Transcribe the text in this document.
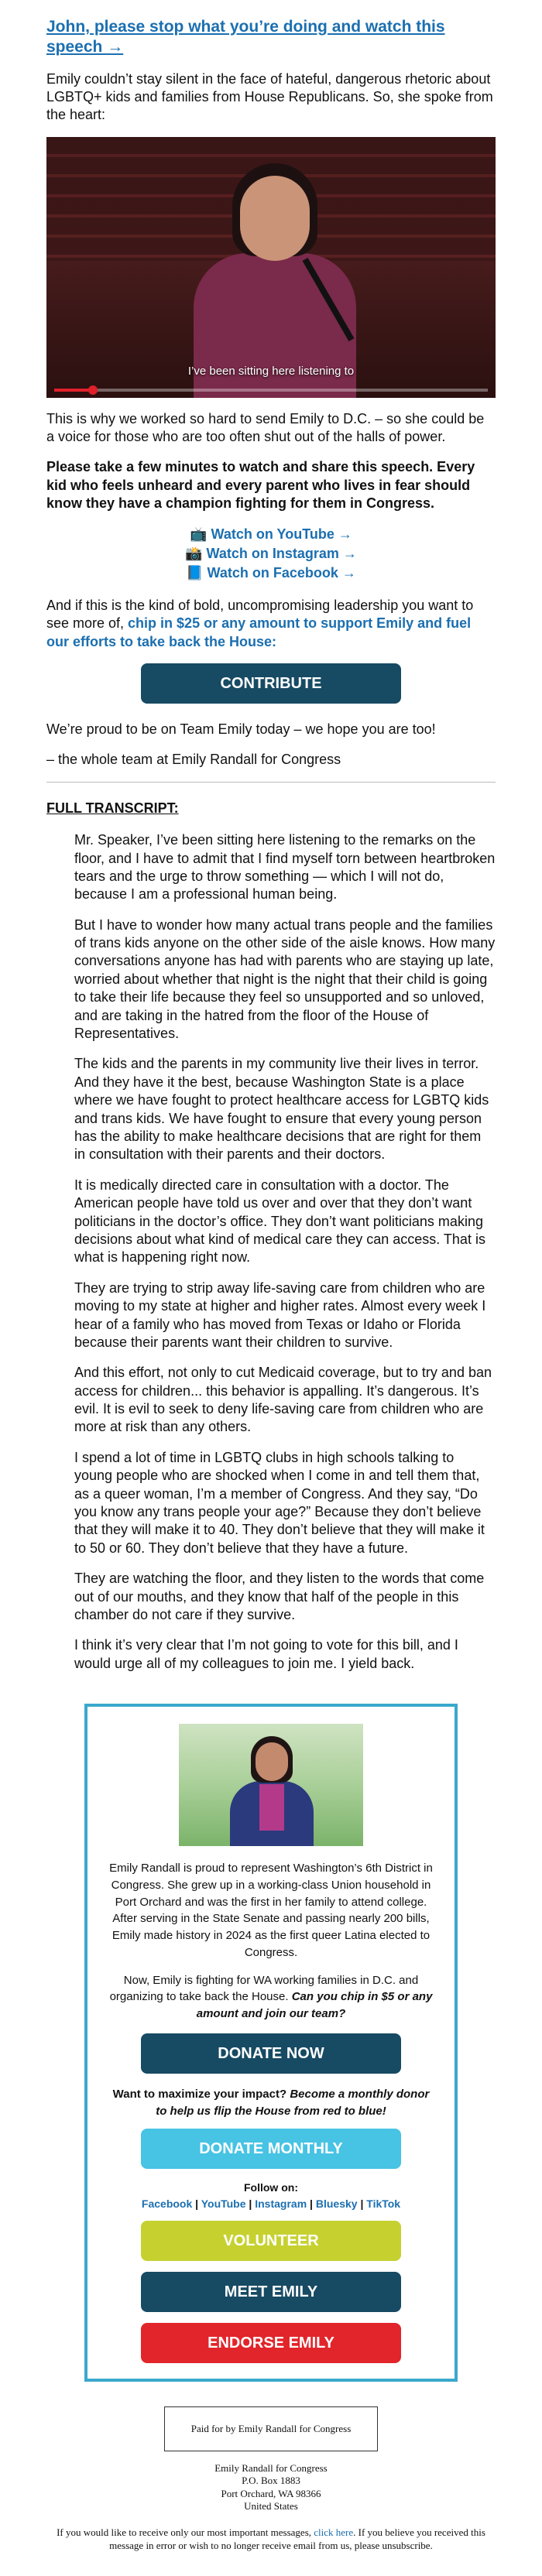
John, please stop what you’re doing and watch this speech →

Emily couldn’t stay silent in the face of hateful, dangerous rhetoric about LGBTQ+ kids and families from House Republicans. So, she spoke from the heart:

I’ve been sitting here listening to

This is why we worked so hard to send Emily to D.C. – so she could be a voice for those who are too often shut out of the halls of power.

Please take a few minutes to watch and share this speech. Every kid who feels unheard and every parent who lives in fear should know they have a champion fighting for them in Congress.

📺 Watch on YouTube →
📸 Watch on Instagram →
📘 Watch on Facebook →

And if this is the kind of bold, uncompromising leadership you want to see more of, chip in $25 or any amount to support Emily and fuel our efforts to take back the House:

CONTRIBUTE

We’re proud to be on Team Emily today – we hope you are too!

– the whole team at Emily Randall for Congress

FULL TRANSCRIPT:

Mr. Speaker, I’ve been sitting here listening to the remarks on the floor, and I have to admit that I find myself torn between heartbroken tears and the urge to throw something — which I will not do, because I am a professional human being.

But I have to wonder how many actual trans people and the families of trans kids anyone on the other side of the aisle knows. How many conversations anyone has had with parents who are staying up late, worried about whether that night is the night that their child is going to take their life because they feel so unsupported and so unloved, and are taking in the hatred from the floor of the House of Representatives.

The kids and the parents in my community live their lives in terror. And they have it the best, because Washington State is a place where we have fought to protect healthcare access for LGBTQ kids and trans kids. We have fought to ensure that every young person has the ability to make healthcare decisions that are right for them in consultation with their parents and their doctors.

It is medically directed care in consultation with a doctor. The American people have told us over and over that they don’t want politicians in the doctor’s office. They don’t want politicians making decisions about what kind of medical care they can access. That is what is happening right now.

They are trying to strip away life-saving care from children who are moving to my state at higher and higher rates. Almost every week I hear of a family who has moved from Texas or Idaho or Florida because their parents want their children to survive.

And this effort, not only to cut Medicaid coverage, but to try and ban access for children... this behavior is appalling. It’s dangerous. It’s evil. It is evil to seek to deny life-saving care from children who are more at risk than any others.

I spend a lot of time in LGBTQ clubs in high schools talking to young people who are shocked when I come in and tell them that, as a queer woman, I’m a member of Congress. And they say, “Do you know any trans people your age?” Because they don’t believe that they will make it to 40. They don’t believe that they will make it to 50 or 60. They don’t believe that they have a future.

They are watching the floor, and they listen to the words that come out of our mouths, and they know that half of the people in this chamber do not care if they survive.

I think it’s very clear that I’m not going to vote for this bill, and I would urge all of my colleagues to join me. I yield back.

Emily Randall is proud to represent Washington’s 6th District in Congress. She grew up in a working-class Union household in Port Orchard and was the first in her family to attend college. After serving in the State Senate and passing nearly 200 bills, Emily made history in 2024 as the first queer Latina elected to Congress.

Now, Emily is fighting for WA working families in D.C. and organizing to take back the House. Can you chip in $5 or any amount and join our team?

DONATE NOW
Want to maximize your impact? Become a monthly donor to help us flip the House from red to blue!
DONATE MONTHLY
Follow on:
Facebook | YouTube | Instagram | Bluesky | TikTok
VOLUNTEER
MEET EMILY
ENDORSE EMILY
Paid for by Emily Randall for Congress
Emily Randall for Congress
P.O. Box 1883
Port Orchard, WA 98366
United States
If you would like to receive only our most important messages, click here. If you believe you received this message in error or wish to no longer receive email from us, please unsubscribe.
